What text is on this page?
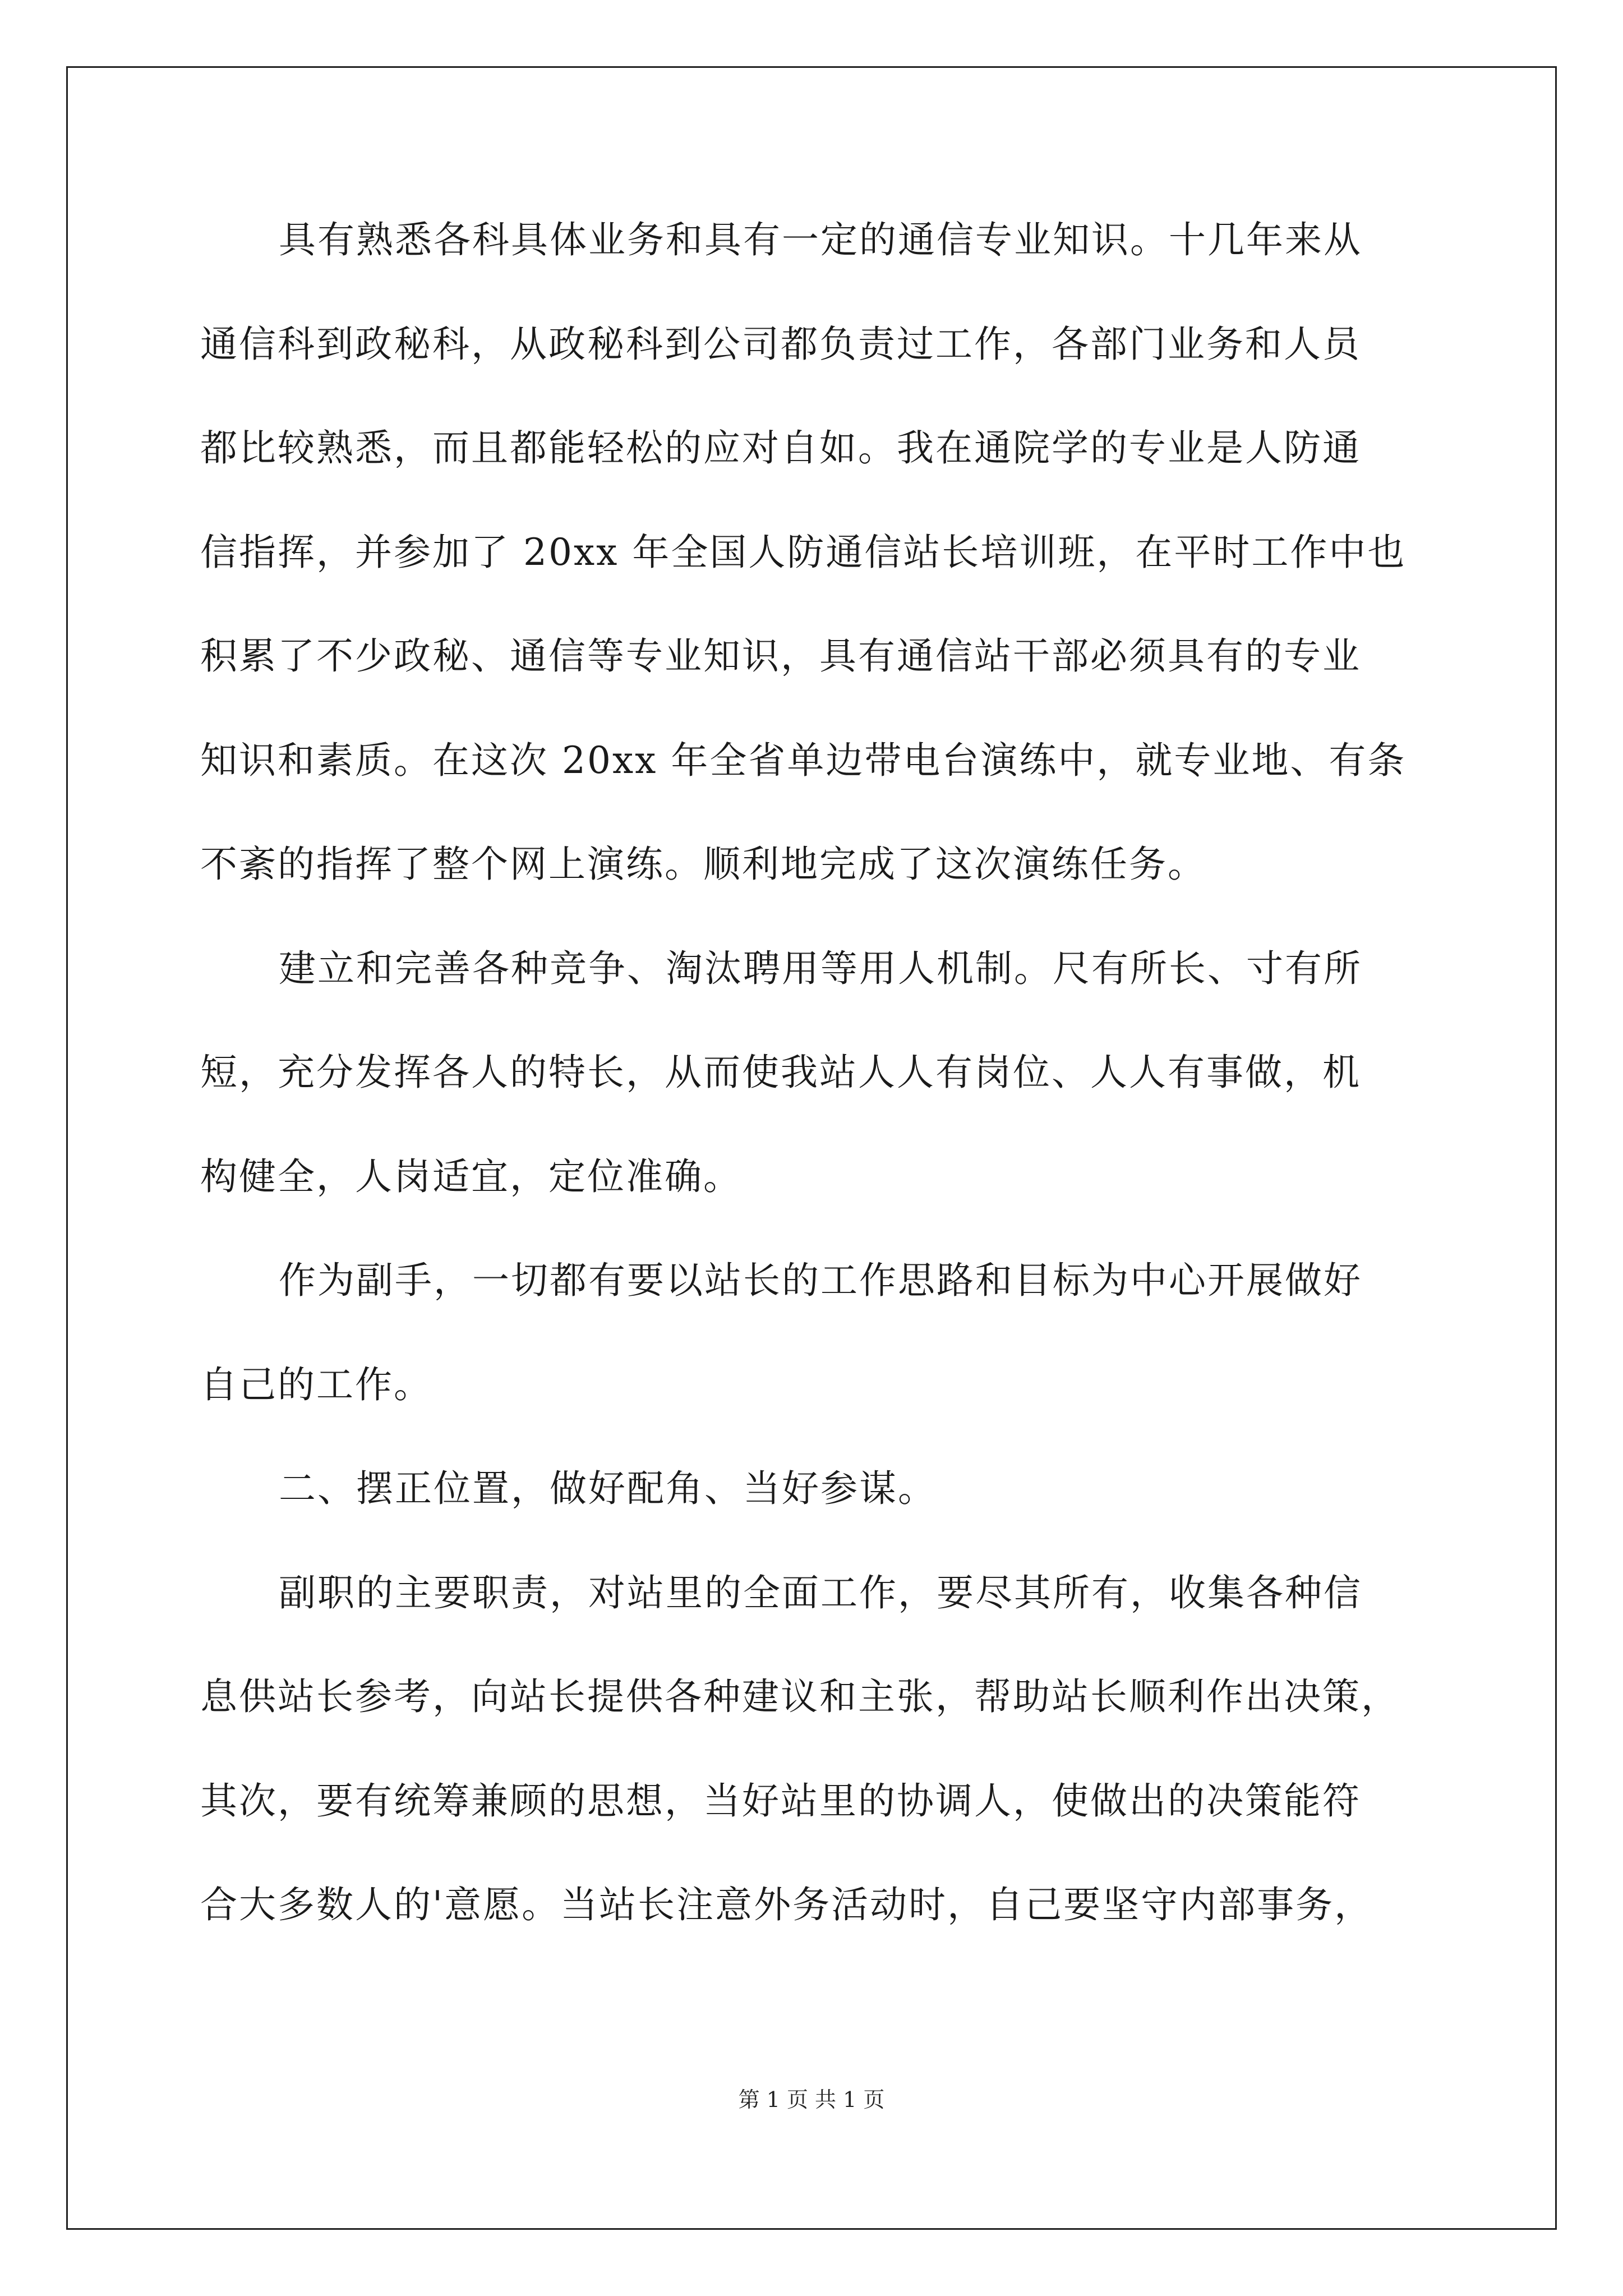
具有熟悉各科具体业务和具有一定的通信专业知识。十几年来从
通信科到政秘科，从政秘科到公司都负责过工作，各部门业务和人员
都比较熟悉，而且都能轻松的应对自如。我在通院学的专业是人防通
信指挥，并参加了 20xx 年全国人防通信站长培训班，在平时工作中也
积累了不少政秘、通信等专业知识，具有通信站干部必须具有的专业
知识和素质。在这次 20xx 年全省单边带电台演练中，就专业地、有条
不紊的指挥了整个网上演练。顺利地完成了这次演练任务。
建立和完善各种竞争、淘汰聘用等用人机制。尺有所长、寸有所
短，充分发挥各人的特长，从而使我站人人有岗位、人人有事做，机
构健全，人岗适宜，定位准确。
作为副手，一切都有要以站长的工作思路和目标为中心开展做好
自己的工作。
二、摆正位置，做好配角、当好参谋。
副职的主要职责，对站里的全面工作，要尽其所有，收集各种信
息供站长参考，向站长提供各种建议和主张，帮助站长顺利作出决策，
其次，要有统筹兼顾的思想，当好站里的协调人，使做出的决策能符
合大多数人的'意愿。当站长注意外务活动时，自己要坚守内部事务，
第 1 页 共 1 页
